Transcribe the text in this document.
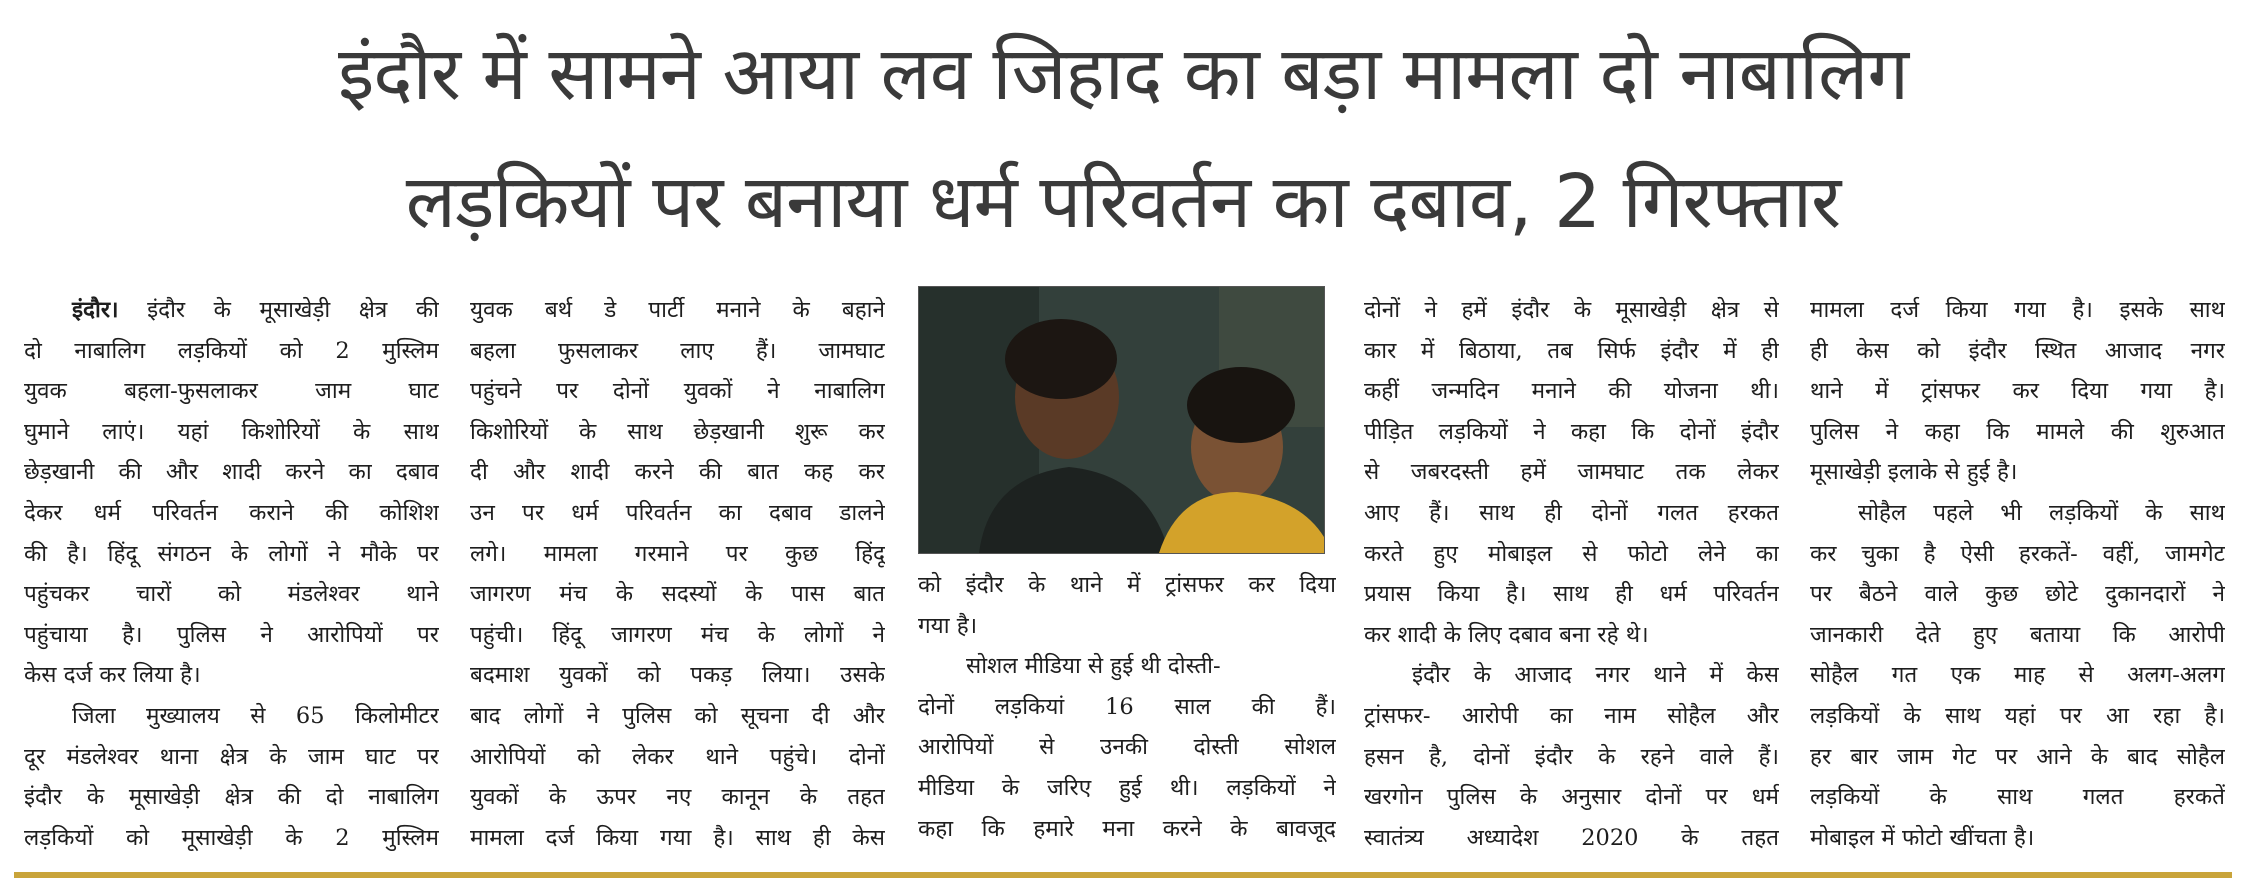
इंदौर में सामने आया लव जिहाद का बड़ा मामला दो नाबालिग
लड़कियों पर बनाया धर्म परिवर्तन का दबाव, 2 गिरफ्तार
इंदौर। इंदौर के मूसाखेड़ी क्षेत्र की
दो नाबालिग लड़कियों को 2 मुस्लिम
युवक बहला-फुसलाकर जाम घाट
घुमाने लाएं। यहां किशोरियों के साथ
छेड़खानी की और शादी करने का दबाव
देकर धर्म परिवर्तन कराने की कोशिश
की है। हिंदू संगठन के लोगों ने मौके पर
पहुंचकर चारों को मंडलेश्वर थाने
पहुंचाया है। पुलिस ने आरोपियों पर
केस दर्ज कर लिया है।
जिला मुख्यालय से 65 किलोमीटर
दूर मंडलेश्वर थाना क्षेत्र के जाम घाट पर
इंदौर के मूसाखेड़ी क्षेत्र की दो नाबालिग
लड़कियों को मूसाखेड़ी के 2 मुस्लिम
युवक बर्थ डे पार्टी मनाने के बहाने
बहला फुसलाकर लाए हैं। जामघाट
पहुंचने पर दोनों युवकों ने नाबालिग
किशोरियों के साथ छेड़खानी शुरू कर
दी और शादी करने की बात कह कर
उन पर धर्म परिवर्तन का दबाव डालने
लगे। मामला गरमाने पर कुछ हिंदू
जागरण मंच के सदस्यों के पास बात
पहुंची। हिंदू जागरण मंच के लोगों ने
बदमाश युवकों को पकड़ लिया। उसके
बाद लोगों ने पुलिस को सूचना दी और
आरोपियों को लेकर थाने पहुंचे। दोनों
युवकों के ऊपर नए कानून के तहत
मामला दर्ज किया गया है। साथ ही केस
को इंदौर के थाने में ट्रांसफर कर दिया
गया है।
सोशल मीडिया से हुई थी दोस्ती-
दोनों लड़कियां 16 साल की हैं।
आरोपियों से उनकी दोस्ती सोशल
मीडिया के जरिए हुई थी। लड़कियों ने
कहा कि हमारे मना करने के बावजूद
दोनों ने हमें इंदौर के मूसाखेड़ी क्षेत्र से
कार में बिठाया, तब सिर्फ इंदौर में ही
कहीं जन्मदिन मनाने की योजना थी।
पीड़ित लड़कियों ने कहा कि दोनों इंदौर
से जबरदस्ती हमें जामघाट तक लेकर
आए हैं। साथ ही दोनों गलत हरकत
करते हुए मोबाइल से फोटो लेने का
प्रयास किया है। साथ ही धर्म परिवर्तन
कर शादी के लिए दबाव बना रहे थे।
इंदौर के आजाद नगर थाने में केस
ट्रांसफर- आरोपी का नाम सोहैल और
हसन है, दोनों इंदौर के रहने वाले हैं।
खरगोन पुलिस के अनुसार दोनों पर धर्म
स्वातंत्र्य अध्यादेश 2020 के तहत
मामला दर्ज किया गया है। इसके साथ
ही केस को इंदौर स्थित आजाद नगर
थाने में ट्रांसफर कर दिया गया है।
पुलिस ने कहा कि मामले की शुरुआत
मूसाखेड़ी इलाके से हुई है।
सोहैल पहले भी लड़कियों के साथ
कर चुका है ऐसी हरकतें- वहीं, जामगेट
पर बैठने वाले कुछ छोटे दुकानदारों ने
जानकारी देते हुए बताया कि आरोपी
सोहैल गत एक माह से अलग-अलग
लड़कियों के साथ यहां पर आ रहा है।
हर बार जाम गेट पर आने के बाद सोहैल
लड़कियों के साथ गलत हरकतें
मोबाइल में फोटो खींचता है।
